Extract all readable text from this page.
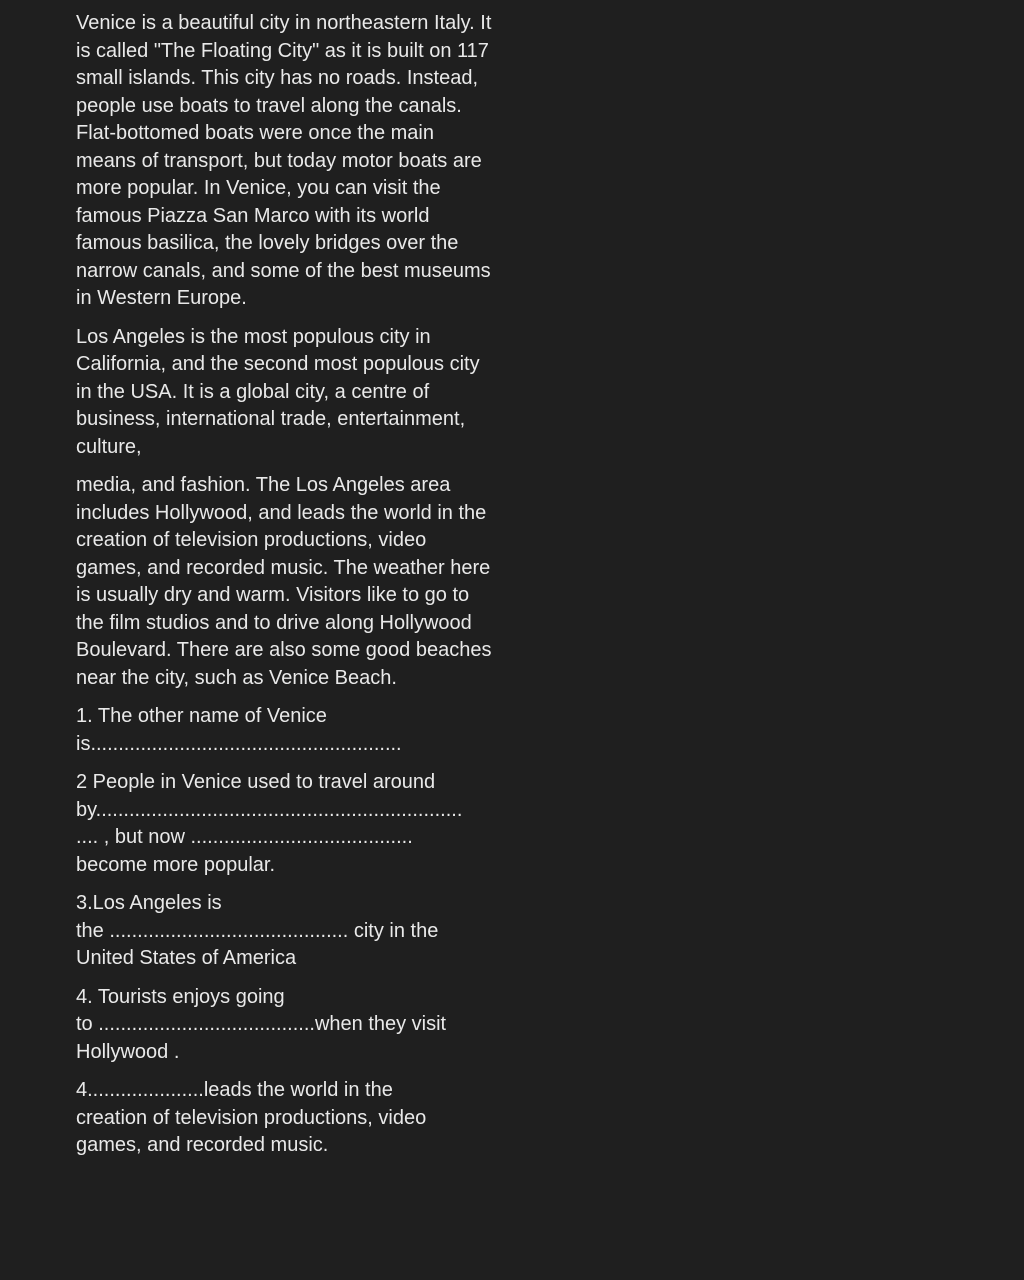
Venice is a beautiful city in northeastern Italy. It is called "The Floating City" as it is built on 117 small islands. This city has no roads. Instead, people use boats to travel along the canals. Flat-bottomed boats were once the main means of transport, but today motor boats are more popular. In Venice, you can visit the famous Piazza San Marco with its world famous basilica, the lovely bridges over the narrow canals, and some of the best museums in Western Europe.

Los Angeles is the most populous city in California, and the second most populous city in the USA. It is a global city, a centre of business, international trade, entertainment, culture,

media, and fashion. The Los Angeles area includes Hollywood, and leads the world in the creation of television productions, video games, and recorded music. The weather here is usually dry and warm. Visitors like to go to the film studios and to drive along Hollywood Boulevard. There are also some good beaches near the city, such as Venice Beach.

1. The other name of Venice
is........................................................
2 People in Venice used to travel around
by..................................................................
.... , but now ........................................
become more popular.
3.Los Angeles is
the ........................................... city in the
United States of America
4. Tourists enjoys going
to .......................................when they visit
Hollywood .
4.....................leads the world in the
creation of television productions, video
games, and recorded music.
